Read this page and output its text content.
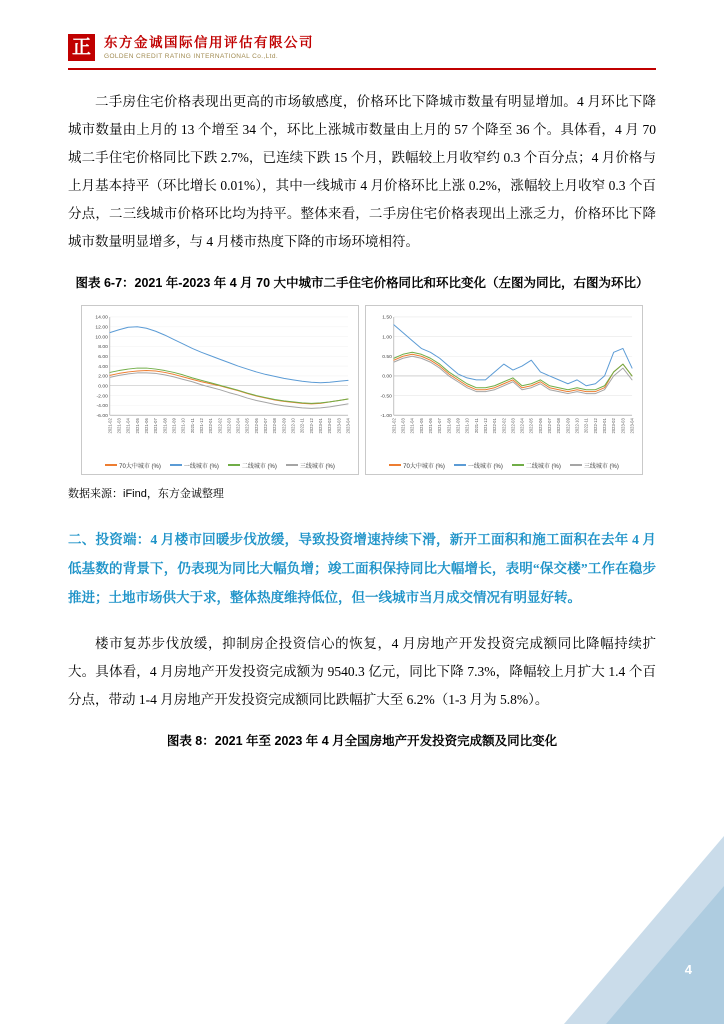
正 东方金诚国际信用评估有限公司
GOLDEN CREDIT RATING INTERNATIONAL Co.,Ltd.

二手房住宅价格表现出更高的市场敏感度，价格环比下降城市数量有明显增加。4 月环比下降城市数量由上月的 13 个增至 34 个，环比上涨城市数量由上月的 57 个降至 36 个。具体看，4 月 70 城二手住宅价格同比下跌 2.7%，已连续下跌 15 个月，跌幅较上月收窄约 0.3 个百分点；4 月价格与上月基本持平（环比增长 0.01%），其中一线城市 4 月价格环比上涨 0.2%，涨幅较上月收窄 0.3 个百分点，二三线城市价格环比均为持平。整体来看，二手房住宅价格表现出上涨乏力，价格环比下降城市数量明显增多，与 4 月楼市热度下降的市场环境相符。

图表 6-7：2021 年-2023 年 4 月 70 大中城市二手住宅价格同比和环比变化（左图为同比，右图为环比）

14.00
12.00
10.00
8.00
6.00
4.00
2.00
0.00
-2.00
-4.00
-6.00
2021-02 2021-03 2021-04 2021-05 2021-06 2021-07 2021-08 2021-09 2021-10 2021-11 2021-12 2022-01 2022-02 2022-03 2022-04 2022-05 2022-06 2022-07 2022-08 2022-09 2022-10 2022-11 2022-12 2023-01 2023-02 2023-03 2023-04
70大中城市 (%)	一线城市 (%)	二线城市 (%)	三线城市 (%)
1.50
1.00
0.50
0.00
-0.50
-1.00
2021-02 2021-03 2021-04 2021-05 2021-06 2021-07 2021-08 2021-09 2021-10 2021-11 2021-12 2022-01 2022-02 2022-03 2022-04 2022-05 2022-06 2022-07 2022-08 2022-09 2022-10 2022-11 2022-12 2023-01 2023-02 2023-03 2023-04
70大中城市 (%)	一线城市 (%)	二线城市 (%)	三线城市 (%)

数据来源：iFind，东方金诚整理

二、投资端：4 月楼市回暖步伐放缓，导致投资增速持续下滑，新开工面积和施工面积在去年 4 月低基数的背景下，仍表现为同比大幅负增；竣工面积保持同比大幅增长，表明“保交楼”工作在稳步推进；土地市场供大于求，整体热度维持低位，但一线城市当月成交情况有明显好转。

楼市复苏步伐放缓，抑制房企投资信心的恢复，4 月房地产开发投资完成额同比降幅持续扩大。具体看，4 月房地产开发投资完成额为 9540.3 亿元，同比下降 7.3%，降幅较上月扩大 1.4 个百分点，带动 1-4 月房地产开发投资完成额同比跌幅扩大至 6.2%（1-3 月为 5.8%）。

图表 8：2021 年至 2023 年 4 月全国房地产开发投资完成额及同比变化

4
